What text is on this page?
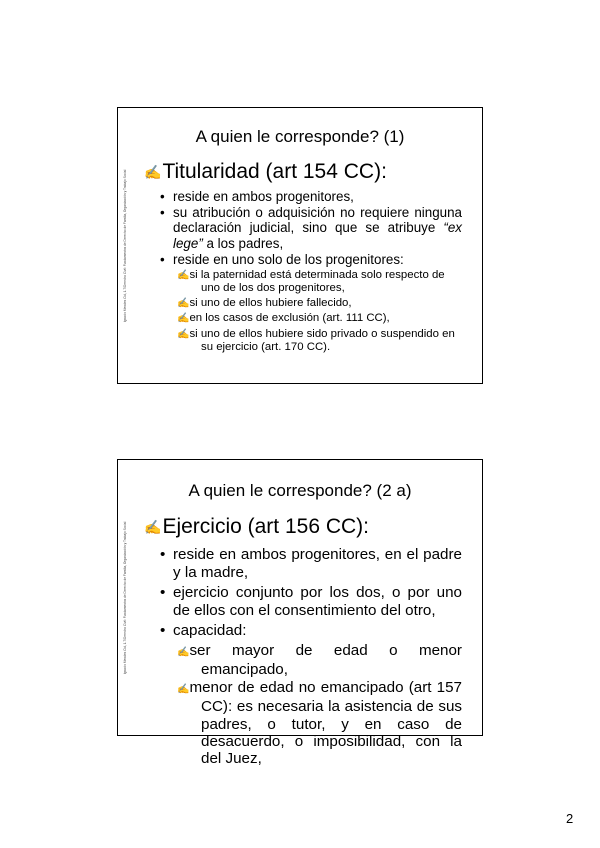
Ignacio Mendes Cid, 1.7/Derecho Civil: Fundamentos de Derecho de Familia, Organización y Trabajo Social
A quien le corresponde? (1)
✍Titularidad (art 154 CC):
• reside en ambos progenitores,
• su atribución o adquisición no requiere ninguna declaración judicial, sino que se atribuye “ex lege” a los padres,
• reside en uno solo de los progenitores:
✍si la paternidad está determinada solo respecto de uno de los dos progenitores,
✍si uno de ellos hubiere fallecido,
✍en los casos de exclusión (art. 111 CC),
✍si uno de ellos hubiere sido privado o suspendido en su ejercicio (art. 170 CC).
Ignacio Mendes Cid, 1.7/Derecho Civil: Fundamentos de Derecho de Familia, Organización y Trabajo Social
A quien le corresponde? (2 a)
✍Ejercicio (art 156 CC):
• reside en ambos progenitores, en el padre y la madre,
• ejercicio conjunto por los dos, o por uno de ellos con el consentimiento del otro,
• capacidad:
✍ser mayor de edad o menor emancipado,
✍menor de edad no emancipado (art 157 CC): es necesaria la asistencia de sus padres, o tutor, y en caso de desacuerdo, o imposibilidad, con la del Juez,
2
